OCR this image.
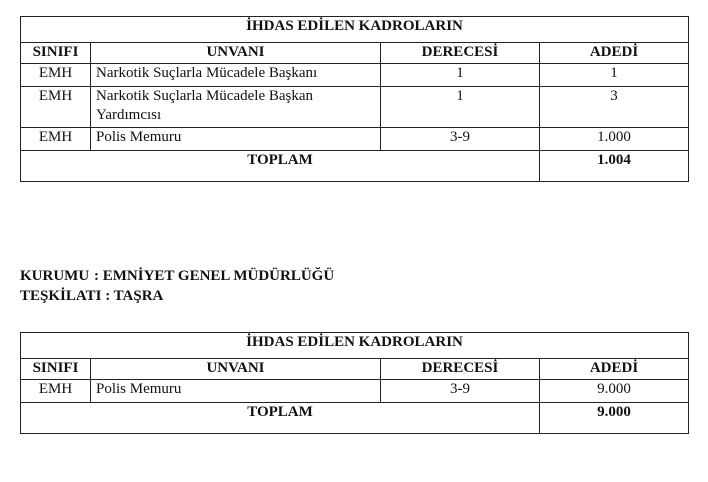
İHDAS EDİLEN KADROLARIN			
SINIFI	UNVANI	DERECESİ	ADEDİ
EMH	Narkotik Suçlarla Mücadele Başkanı	1	1
EMH	Narkotik Suçlarla Mücadele Başkan Yardımcısı	1	3
EMH	Polis Memuru	3-9	1.000
TOPLAM			1.004
KURUMU : EMNİYET GENEL MÜDÜRLÜĞÜ
TEŞKİLATI : TAŞRA
İHDAS EDİLEN KADROLARIN			
SINIFI	UNVANI	DERECESİ	ADEDİ
EMH	Polis Memuru	3-9	9.000
TOPLAM			9.000
